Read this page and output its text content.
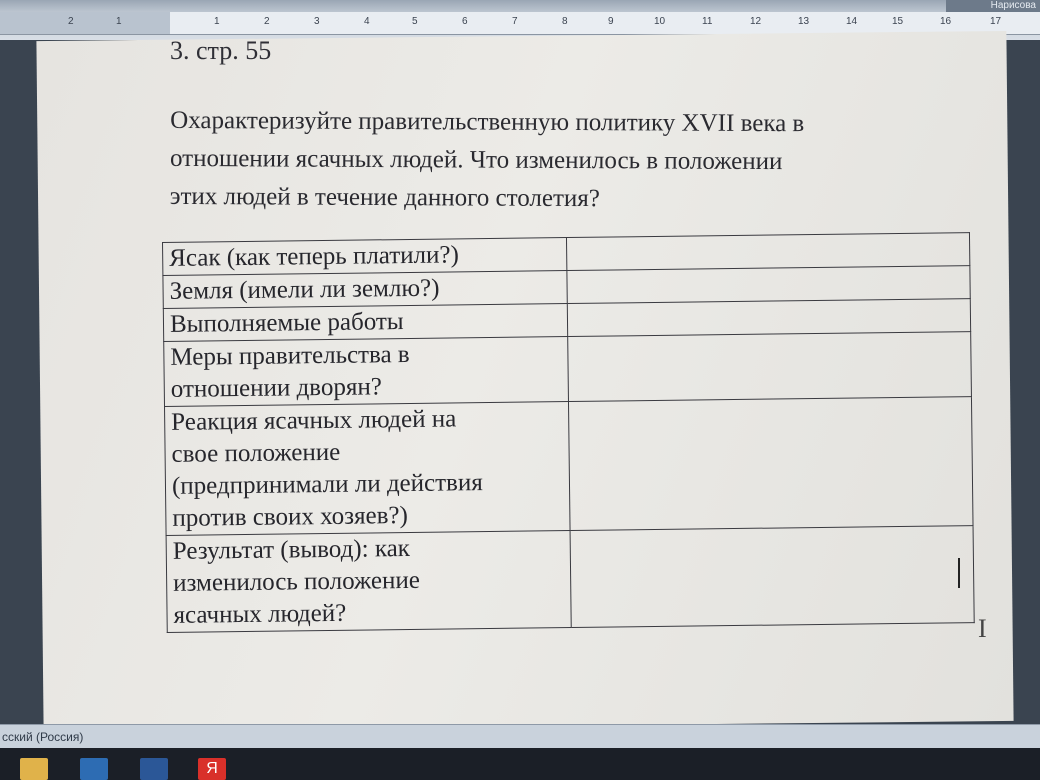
2	1	1	2	3	4	5	6	7	8	9	10	11	12	13	14	15	16	17
Нарисова
3. стр. 55
Охарактеризуйте правительственную политику XVII века в
отношении ясачных людей. Что изменилось в положении
этих людей в течение данного столетия?
Ясак (как теперь платили?)	

Земля (имели ли землю?)	

Выполняемые работы	

Меры правительства в
отношении дворян?	

Реакция ясачных людей на
свое положение
(предпринимали ли действия
против своих хозяев?)	

Результат (вывод): как
изменилось положение
ясачных людей?	
		I
сский (Россия)
Я
